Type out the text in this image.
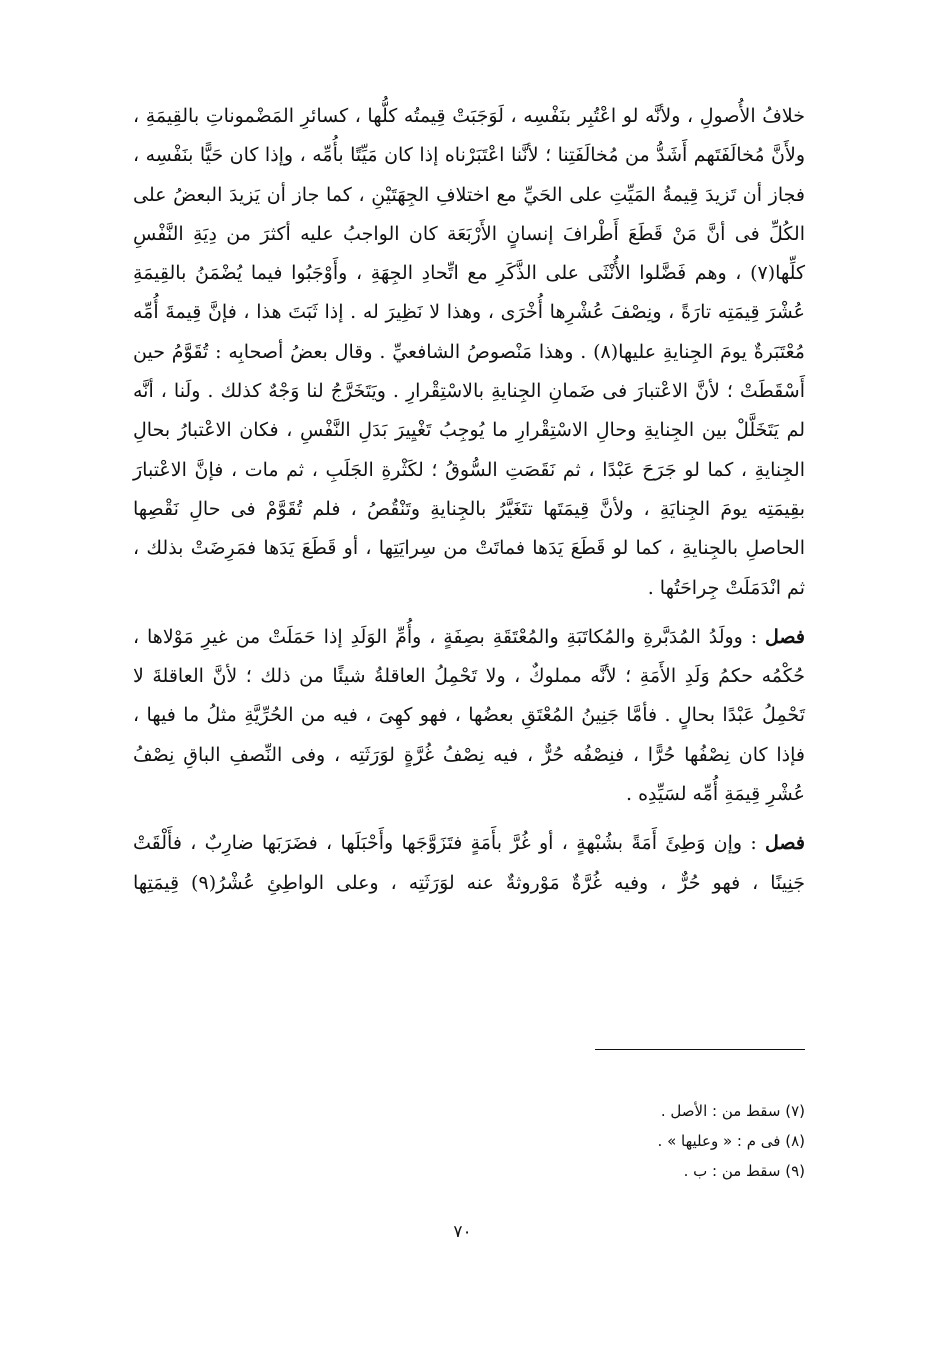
خلافُ الأُصولِ ، ولأنَّه لو اعْتُبِر بنَفْسِه ، لَوَجَبَتْ قِيمتُه كلُّها ، كسائرِ المَضْموناتِ بالقِيمَةِ ، ولأَنَّ مُخالَفَتَهم أَشَدُّ من مُخالَفَتِنا ؛ لأنَّنا اعْتَبَرْناه إذا كان مَيِّتًا بأُمِّه ، وإذا كان حَيًّا بنَفْسِه ، فجاز أن تَزيدَ قِيمةُ المَيِّتِ على الحَيِّ مع اختلافِ الجِهَتَيْنِ ، كما جاز أن يَزيدَ البعضُ على الكُلِّ فى أنَّ مَنْ قَطَعَ أَطْرافَ إنسانٍ الأَرْبَعَة كان الواجبُ عليه أكثرَ من دِيَةِ النَّفْسِ كلِّها(٧) ، وهم فَضَّلوا الأُنْثَى على الذَّكَرِ مع اتِّحادِ الجِهَةِ ، وأَوْجَبُوا فيما يُضْمَنُ بالقِيمَةِ عُشْرَ قِيمَتِه تارَةً ، ونِصْفَ عُشْرِها أُخْرَى ، وهذا لا نَظِيرَ له . إذا ثَبَتَ هذا ، فإنَّ قِيمةَ أُمِّه مُعْتَبَرةٌ يومَ الجِنايةِ عليها(٨) . وهذا مَنْصوصُ الشافعيِّ . وقال بعضُ أصحابِه : تُقَوَّمُ حين أَسْقَطَتْ ؛ لأنَّ الاعْتبارَ فى ضَمانِ الجِنايةِ بالاسْتِقْرارِ . ويَتَخَرَّجُ لنا وَجْهٌ كذلك . ولَنا ، أنَّه لم يَتَخَلَّلْ بين الجِنايةِ وحالِ الاسْتِقْرارِ ما يُوجِبُ تَغْيِيرَ بَدَلِ النَّفْسِ ، فكان الاعْتبارُ بحالِ الجِنايةِ ، كما لو جَرَحَ عَبْدًا ، ثم نَقَصَتِ السُّوقُ ؛ لكَثْرةِ الجَلَبِ ، ثم مات ، فإنَّ الاعْتبارَ بقِيمَتِه يومَ الجِنايَةِ ، ولأنَّ قِيمَتَها تتَغَيَّرُ بالجِنايةِ وتَنْقُصُ ، فلم تُقَوَّمْ فى حالِ نَقْصِها الحاصلِ بالجِنايةِ ، كما لو قَطَعَ يَدَها فماتَتْ من سِرايَتِها ، أو قَطَعَ يَدَها فمَرِضَتْ بذلك ، ثم انْدَمَلَتْ جِراحَتُها .

فصل : وولَدُ المُدَبَّرةِ والمُكاتَبَةِ والمُعْتَقَةِ بصِفَةٍ ، وأُمِّ الوَلَدِ إذا حَمَلَتْ من غيرِ مَوْلاها ، حُكْمُه حكمُ وَلَدِ الأَمَةِ ؛ لأنَّه مملوكٌ ، ولا تَحْمِلُ العاقلةُ شيئًا من ذلك ؛ لأنَّ العاقلةَ لا تَحْمِلُ عَبْدًا بحالٍ . فأمَّا جَنِينُ المُعْتَقِ بعضُها ، فهو كهِىَ ، فيه من الحُرِّيَّةِ مثلُ ما فيها ، فإذا كان نِصْفُها حُرًّا ، فنِصْفُه حُرٌّ ، فيه نِصْفُ غُرَّةٍ لوَرَثَتِه ، وفى النِّصفِ الباقِ نِصْفُ عُشْرِ قِيمَةِ أُمِّه لسَيِّدِه .

فصل : وإن وَطِئَ أَمَةً بشُبْهةٍ ، أو غُرَّ بأَمَةٍ فتَزَوَّجَها وأَحْبَلَها ، فضَرَبَها ضارِبٌ ، فأَلْقَتْ جَنِينًا ، فهو حُرٌّ ، وفيه غُرَّةٌ مَوْروثةٌ عنه لوَرَثَتِه ، وعلى الواطِئِ عُشْرُ(٩) قِيمَتِها

(٧) سقط من : الأصل .

(٨) فى م : « وعليها » .

(٩) سقط من : ب .

٧٠
